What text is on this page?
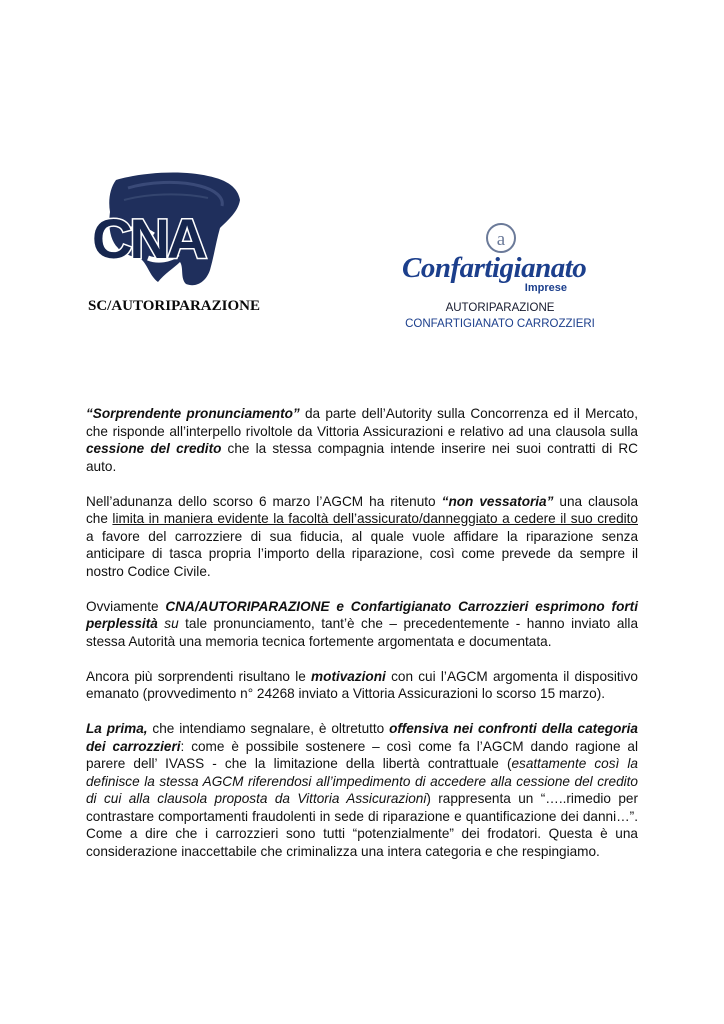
CNA
SC/AUTORIPARAZIONE
a
Confartigianato
Imprese
AUTORIPARAZIONE
CONFARTIGIANATO CARROZZIERI

“Sorprendente pronunciamento” da parte dell’Autority sulla Concorrenza ed il Mercato, che risponde all’interpello rivoltole da Vittoria Assicurazioni e relativo ad una clausola sulla cessione del credito che la stessa compagnia intende inserire nei suoi contratti di RC auto.

Nell’adunanza dello scorso 6 marzo l’AGCM ha ritenuto “non vessatoria” una clausola che limita in maniera evidente la facoltà dell’assicurato/danneggiato a cedere il suo credito a favore del carrozziere di sua fiducia, al quale vuole affidare la riparazione senza anticipare di tasca propria l’importo della riparazione, così come prevede da sempre il nostro Codice Civile.

Ovviamente CNA/AUTORIPARAZIONE e Confartigianato Carrozzieri esprimono forti perplessità su tale pronunciamento, tant’è che – precedentemente - hanno inviato alla stessa Autorità una memoria tecnica fortemente argomentata e documentata.

Ancora più sorprendenti risultano le motivazioni con cui l’AGCM argomenta il dispositivo emanato (provvedimento n° 24268 inviato a Vittoria Assicurazioni lo scorso 15 marzo).

La prima, che intendiamo segnalare, è oltretutto offensiva nei confronti della categoria dei carrozzieri: come è possibile sostenere – così come fa l’AGCM dando ragione al parere dell’ IVASS - che la limitazione della libertà contrattuale (esattamente così la definisce la stessa AGCM riferendosi all’impedimento di accedere alla cessione del credito di cui alla clausola proposta da Vittoria Assicurazioni) rappresenta un “…..rimedio per contrastare comportamenti fraudolenti in sede di riparazione e quantificazione dei danni…”. Come a dire che i carrozzieri sono tutti “potenzialmente” dei frodatori. Questa è una considerazione inaccettabile che criminalizza una intera categoria e che respingiamo.
